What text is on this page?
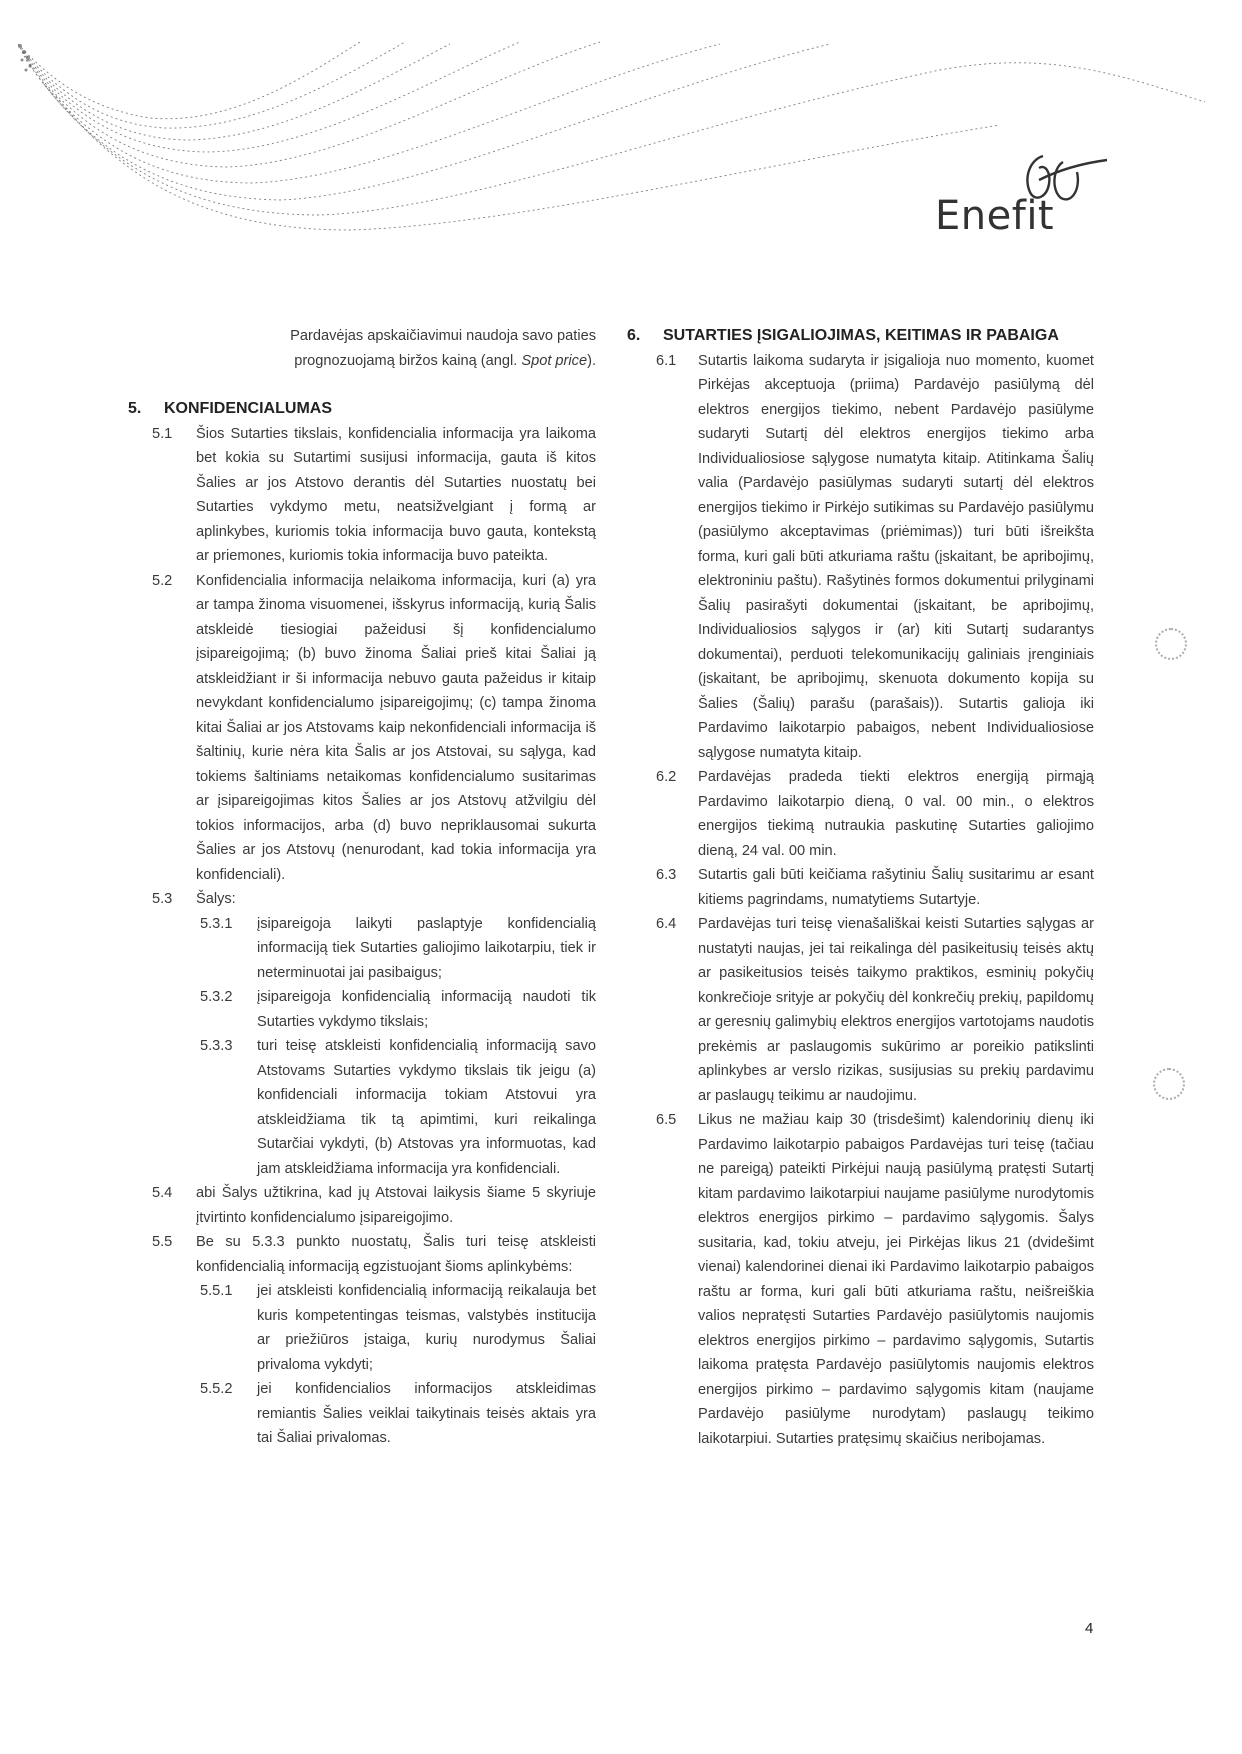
Enefit
Pardavėjas apskaičiavimui naudoja savo paties
prognozuojamą biržos kainą (angl. Spot price).
5.	KONFIDENCIALUMAS
5.1	Šios Sutarties tikslais, konfidencialia informacija yra laikoma bet kokia su Sutartimi susijusi informacija, gauta iš kitos Šalies ar jos Atstovo derantis dėl Sutarties nuostatų bei Sutarties vykdymo metu, neatsižvelgiant į formą ar aplinkybes, kuriomis tokia informacija buvo gauta, kontekstą ar priemones, kuriomis tokia informacija buvo pateikta.
5.2	Konfidencialia informacija nelaikoma informacija, kuri (a) yra ar tampa žinoma visuomenei, išskyrus informaciją, kurią Šalis atskleidė tiesiogiai pažeidusi šį konfidencialumo įsipareigojimą; (b) buvo žinoma Šaliai prieš kitai Šaliai ją atskleidžiant ir ši informacija nebuvo gauta pažeidus ir kitaip nevykdant konfidencialumo įsipareigojimų; (c) tampa žinoma kitai Šaliai ar jos Atstovams kaip nekonfidenciali informacija iš šaltinių, kurie nėra kita Šalis ar jos Atstovai, su sąlyga, kad tokiems šaltiniams netaikomas konfidencialumo susitarimas ar įsipareigojimas kitos Šalies ar jos Atstovų atžvilgiu dėl tokios informacijos, arba (d) buvo nepriklausomai sukurta Šalies ar jos Atstovų (nenurodant, kad tokia informacija yra konfidenciali).
5.3	Šalys:
5.3.1	įsipareigoja laikyti paslaptyje konfidencialią informaciją tiek Sutarties galiojimo laikotarpiu, tiek ir neterminuotai jai pasibaigus;
5.3.2	įsipareigoja konfidencialią informaciją naudoti tik Sutarties vykdymo tikslais;
5.3.3	turi teisę atskleisti konfidencialią informaciją savo Atstovams Sutarties vykdymo tikslais tik jeigu (a) konfidenciali informacija tokiam Atstovui yra atskleidžiama tik tą apimtimi, kuri reikalinga Sutarčiai vykdyti, (b) Atstovas yra informuotas, kad jam atskleidžiama informacija yra konfidenciali.
5.4	abi Šalys užtikrina, kad jų Atstovai laikysis šiame 5 skyriuje įtvirtinto konfidencialumo įsipareigojimo.
5.5	Be su 5.3.3 punkto nuostatų, Šalis turi teisę atskleisti konfidencialią informaciją egzistuojant šioms aplinkybėms:
5.5.1	jei atskleisti konfidencialią informaciją reikalauja bet kuris kompetentingas teismas, valstybės institucija ar priežiūros įstaiga, kurių nurodymus Šaliai privaloma vykdyti;
5.5.2	jei konfidencialios informacijos atskleidimas remiantis Šalies veiklai taikytinais teisės aktais yra tai Šaliai privalomas.
6.	SUTARTIES ĮSIGALIOJIMAS, KEITIMAS IR PABAIGA
6.1	Sutartis laikoma sudaryta ir įsigalioja nuo momento, kuomet Pirkėjas akceptuoja (priima) Pardavėjo pasiūlymą dėl elektros energijos tiekimo, nebent Pardavėjo pasiūlyme sudaryti Sutartį dėl elektros energijos tiekimo arba Individualiosiose sąlygose numatyta kitaip. Atitinkama Šalių valia (Pardavėjo pasiūlymas sudaryti sutartį dėl elektros energijos tiekimo ir Pirkėjo sutikimas su Pardavėjo pasiūlymu (pasiūlymo akceptavimas (priėmimas)) turi būti išreikšta forma, kuri gali būti atkuriama raštu (įskaitant, be apribojimų, elektroniniu paštu). Rašytinės formos dokumentui prilyginami Šalių pasirašyti dokumentai (įskaitant, be apribojimų, Individualiosios sąlygos ir (ar) kiti Sutartį sudarantys dokumentai), perduoti telekomunikacijų galiniais įrenginiais (įskaitant, be apribojimų, skenuota dokumento kopija su Šalies (Šalių) parašu (parašais)). Sutartis galioja iki Pardavimo laikotarpio pabaigos, nebent Individualiosiose sąlygose numatyta kitaip.
6.2	Pardavėjas pradeda tiekti elektros energiją pirmąją Pardavimo laikotarpio dieną, 0 val. 00 min., o elektros energijos tiekimą nutraukia paskutinę Sutarties galiojimo dieną, 24 val. 00 min.
6.3	Sutartis gali būti keičiama rašytiniu Šalių susitarimu ar esant kitiems pagrindams, numatytiems Sutartyje.
6.4	Pardavėjas turi teisę vienašališkai keisti Sutarties sąlygas ar nustatyti naujas, jei tai reikalinga dėl pasikeitusių teisės aktų ar pasikeitusios teisės taikymo praktikos, esminių pokyčių konkrečioje srityje ar pokyčių dėl konkrečių prekių, papildomų ar geresnių galimybių elektros energijos vartotojams naudotis prekėmis ar paslaugomis sukūrimo ar poreikio patikslinti aplinkybes ar verslo rizikas, susijusias su prekių pardavimu ar paslaugų teikimu ar naudojimu.
6.5	Likus ne mažiau kaip 30 (trisdešimt) kalendorinių dienų iki Pardavimo laikotarpio pabaigos Pardavėjas turi teisę (tačiau ne pareigą) pateikti Pirkėjui naują pasiūlymą pratęsti Sutartį kitam pardavimo laikotarpiui naujame pasiūlyme nurodytomis elektros energijos pirkimo – pardavimo sąlygomis. Šalys susitaria, kad, tokiu atveju, jei Pirkėjas likus 21 (dvidešimt vienai) kalendorinei dienai iki Pardavimo laikotarpio pabaigos raštu ar forma, kuri gali būti atkuriama raštu, neišreiškia valios nepratęsti Sutarties Pardavėjo pasiūlytomis naujomis elektros energijos pirkimo – pardavimo sąlygomis, Sutartis laikoma pratęsta Pardavėjo pasiūlytomis naujomis elektros energijos pirkimo – pardavimo sąlygomis kitam (naujame Pardavėjo pasiūlyme nurodytam) paslaugų teikimo laikotarpiui. Sutarties pratęsimų skaičius neribojamas.
4
